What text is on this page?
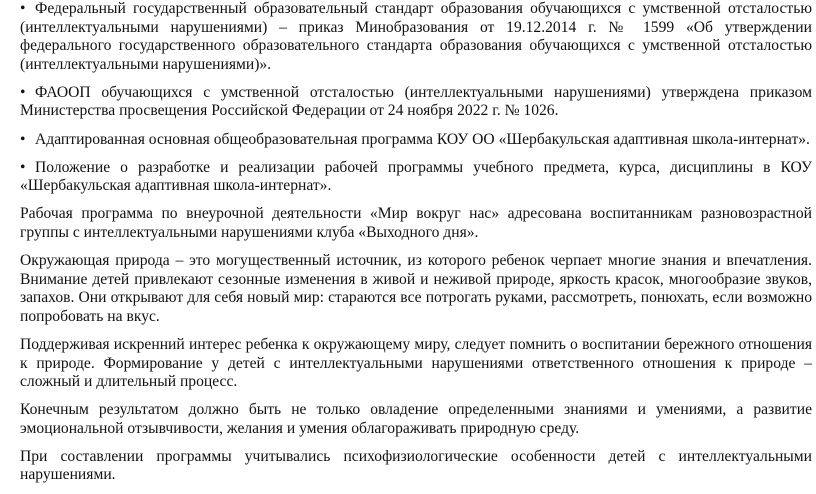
• Федеральный государственный образовательный стандарт образования обучающихся с умственной отсталостью (интеллектуальными нарушениями) – приказ Минобразования от 19.12.2014 г. № 1599 «Об утверждении федерального государственного образовательного стандарта образования обучающихся с умственной отсталостью (интеллектуальными нарушениями)».

• ФАООП обучающихся с умственной отсталостью (интеллектуальными нарушениями) утверждена приказом Министерства просвещения Российской Федерации от 24 ноября 2022 г. № 1026.

• Адаптированная основная общеобразовательная программа КОУ ОО «Шербакульская адаптивная школа-интернат».

• Положение о разработке и реализации рабочей программы учебного предмета, курса, дисциплины в КОУ «Шербакульская адаптивная школа-интернат».

Рабочая программа по внеурочной деятельности «Мир вокруг нас» адресована воспитанникам разновозрастной группы с интеллектуальными нарушениями клуба «Выходного дня».

Окружающая природа – это могущественный источник, из которого ребенок черпает многие знания и впечатления. Внимание детей привлекают сезонные изменения в живой и неживой природе, яркость красок, многообразие звуков, запахов. Они открывают для себя новый мир: стараются все потрогать руками, рассмотреть, понюхать, если возможно попробовать на вкус.

Поддерживая искренний интерес ребенка к окружающему миру, следует помнить о воспитании бережного отношения к природе. Формирование у детей с интеллектуальными нарушениями ответственного отношения к природе – сложный и длительный процесс.

Конечным результатом должно быть не только овладение определенными знаниями и умениями, а развитие эмоциональной отзывчивости, желания и умения облагораживать природную среду.

При составлении программы учитывались психофизиологические особенности детей с интеллектуальными нарушениями.
